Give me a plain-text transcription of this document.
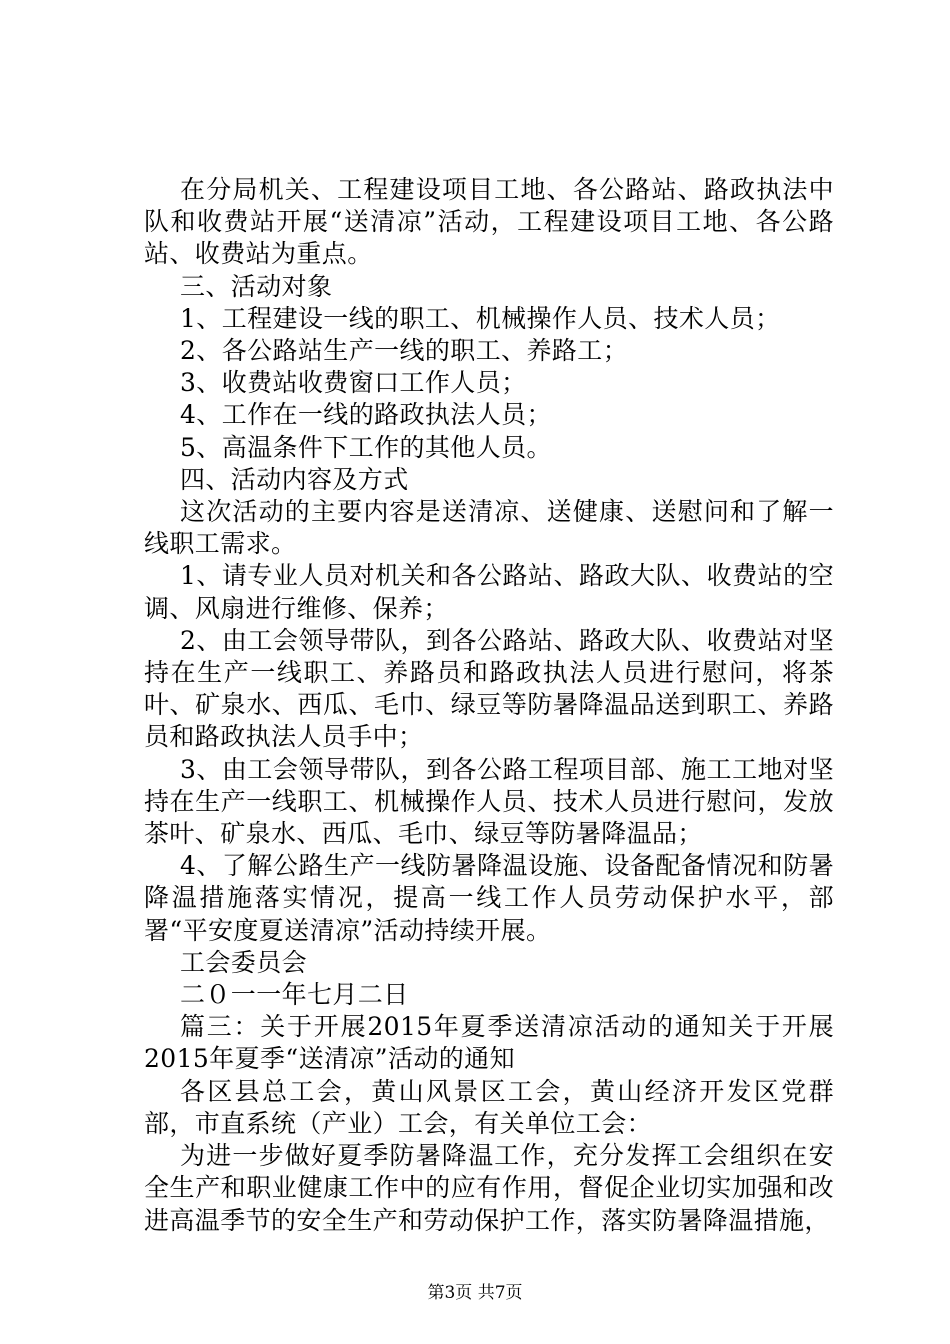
在分局机关、工程建设项目工地、各公路站、路政执法中队和收费站开展“送清凉”活动，工程建设项目工地、各公路站、收费站为重点。

三、活动对象

1、工程建设一线的职工、机械操作人员、技术人员；

2、各公路站生产一线的职工、养路工；

3、收费站收费窗口工作人员；

4、工作在一线的路政执法人员；

5、高温条件下工作的其他人员。

四、活动内容及方式

这次活动的主要内容是送清凉、送健康、送慰问和了解一线职工需求。

1、请专业人员对机关和各公路站、路政大队、收费站的空调、风扇进行维修、保养；

2、由工会领导带队，到各公路站、路政大队、收费站对坚持在生产一线职工、养路员和路政执法人员进行慰问，将茶叶、矿泉水、西瓜、毛巾、绿豆等防暑降温品送到职工、养路员和路政执法人员手中；

3、由工会领导带队，到各公路工程项目部、施工工地对坚持在生产一线职工、机械操作人员、技术人员进行慰问，发放茶叶、矿泉水、西瓜、毛巾、绿豆等防暑降温品；

4、了解公路生产一线防暑降温设施、设备配备情况和防暑降温措施落实情况，提高一线工作人员劳动保护水平，部署“平安度夏送清凉”活动持续开展。

工会委员会

二０一一年七月二日

篇三：关于开展2015年夏季送清凉活动的通知关于开展2015年夏季“送清凉”活动的通知

各区县总工会，黄山风景区工会，黄山经济开发区党群部，市直系统（产业）工会，有关单位工会：

为进一步做好夏季防暑降温工作，充分发挥工会组织在安全生产和职业健康工作中的应有作用，督促企业切实加强和改进高温季节的安全生产和劳动保护工作，落实防暑降温措施，

第3页 共7页
